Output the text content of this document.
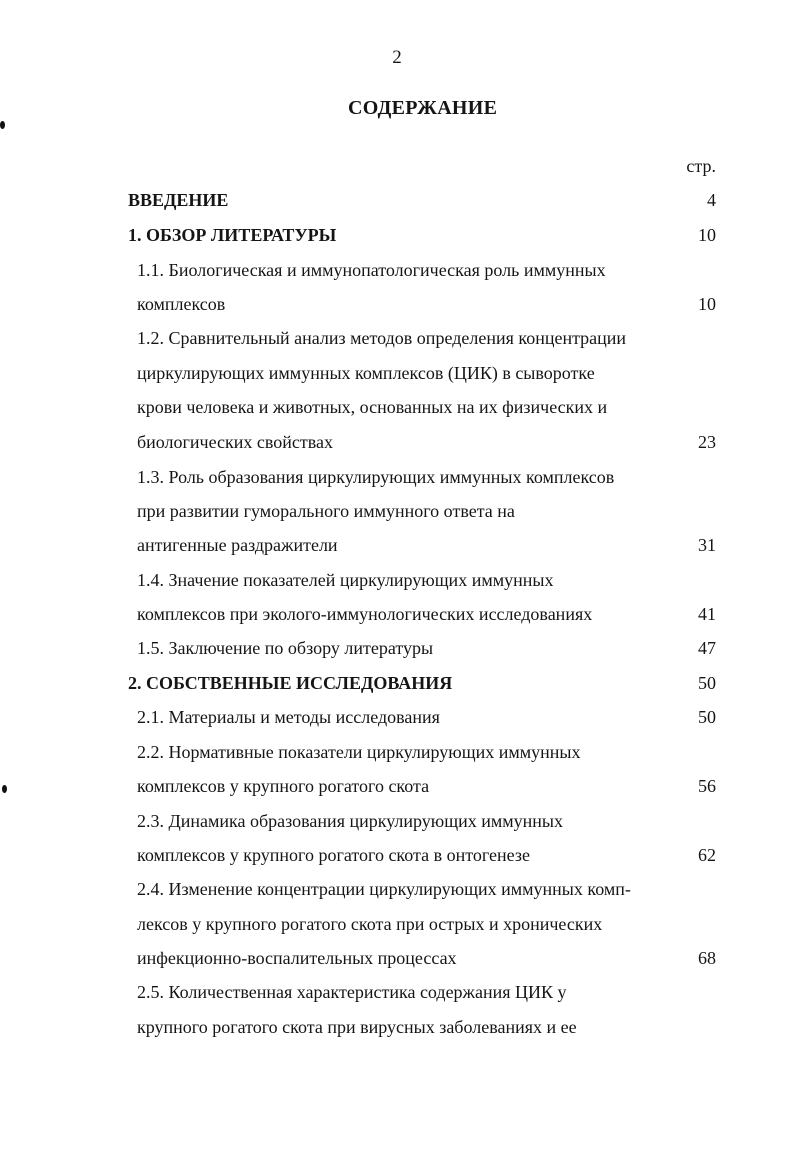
2
СОДЕРЖАНИЕ
стр.
ВВЕДЕНИЕ	4
1. ОБЗОР ЛИТЕРАТУРЫ	10
1.1. Биологическая и иммунопатологическая роль иммунных
комплексов	10
1.2. Сравнительный анализ методов определения концентрации
циркулирующих иммунных комплексов (ЦИК) в сыворотке
крови человека и животных, основанных на их физических и
биологических свойствах	23
1.3. Роль образования циркулирующих иммунных комплексов
при развитии гуморального иммунного ответа на
антигенные раздражители	31
1.4. Значение показателей циркулирующих иммунных
комплексов при эколого-иммунологических исследованиях	41
1.5. Заключение по обзору литературы	47
2. СОБСТВЕННЫЕ ИССЛЕДОВАНИЯ	50
2.1. Материалы и методы исследования	50
2.2. Нормативные показатели циркулирующих иммунных
комплексов у крупного рогатого скота	56
2.3. Динамика образования циркулирующих иммунных
комплексов у крупного рогатого скота в онтогенезе	62
2.4. Изменение концентрации циркулирующих иммунных комп-
лексов у крупного рогатого скота при острых и хронических
инфекционно-воспалительных процессах	68
2.5. Количественная характеристика содержания ЦИК у
крупного рогатого скота при вирусных заболеваниях и ее
